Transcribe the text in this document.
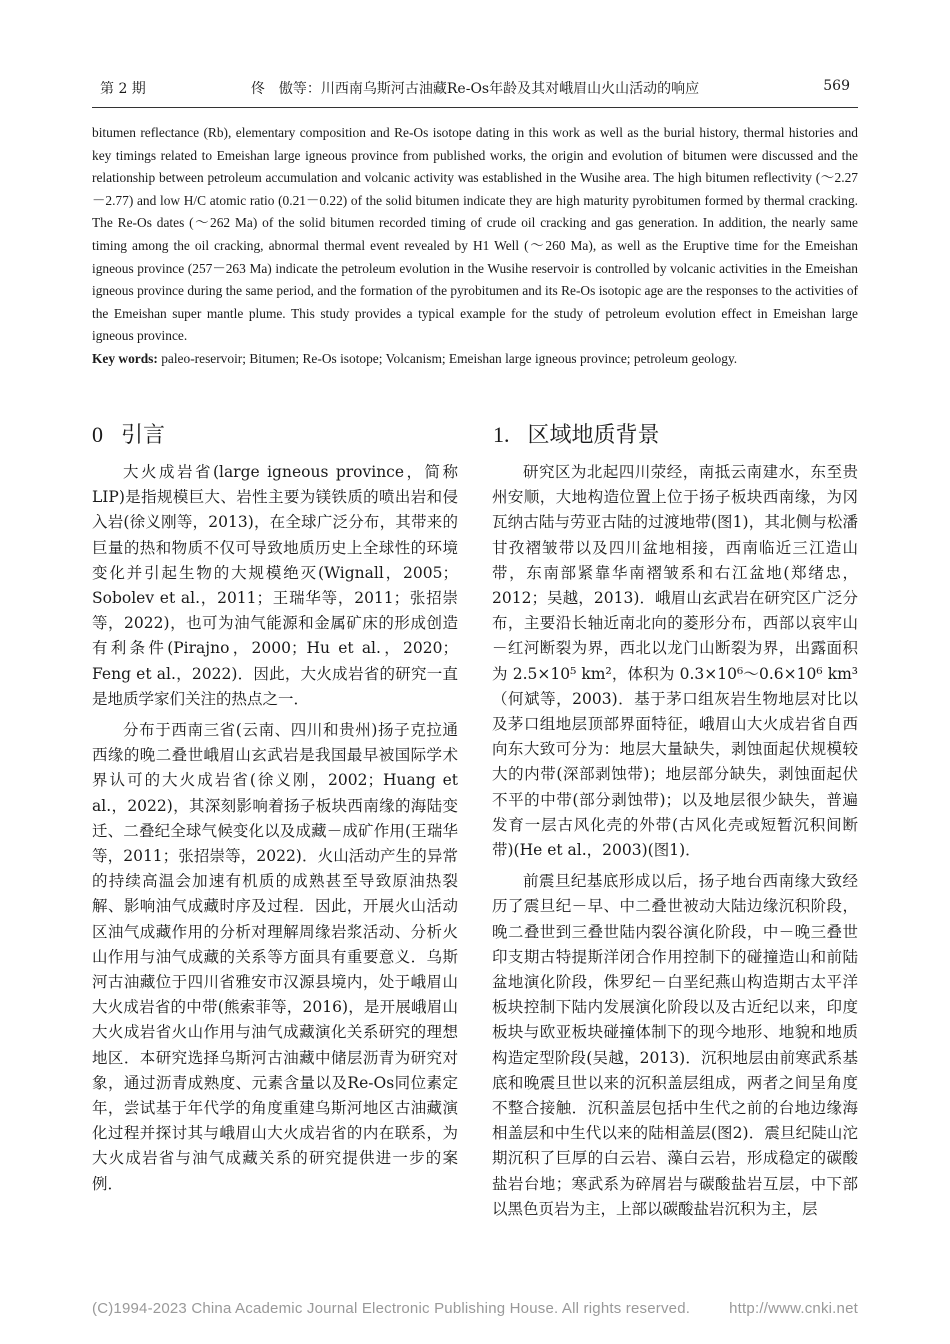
第 2 期	佟　傲等：川西南乌斯河古油藏Re-Os年龄及其对峨眉山火山活动的响应	569
bitumen reflectance (Rb), elementary composition and Re-Os isotope dating in this work as well as the burial history, thermal histories and key timings related to Emeishan large igneous province from published works, the origin and evolution of bitumen were discussed and the relationship between petroleum accumulation and volcanic activity was established in the Wusihe area. The high bitumen reflectivity (～2.27－2.77) and low H/C atomic ratio (0.21－0.22) of the solid bitumen indicate they are high maturity pyrobitumen formed by thermal cracking. The Re-Os dates (～262 Ma) of the solid bitumen recorded timing of crude oil cracking and gas generation. In addition, the nearly same timing among the oil cracking, abnormal thermal event revealed by H1 Well (～260 Ma), as well as the Eruptive time for the Emeishan igneous province (257－263 Ma) indicate the petroleum evolution in the Wusihe reservoir is controlled by volcanic activities in the Emeishan igneous province during the same period, and the formation of the pyrobitumen and its Re-Os isotopic age are the responses to the activities of the Emeishan super mantle plume. This study provides a typical example for the study of petroleum evolution effect in Emeishan large igneous province.
Key words: paleo-reservoir; Bitumen; Re-Os isotope; Volcanism; Emeishan large igneous province; petroleum geology.
0 引言	1. 区域地质背景

大火成岩省(large igneous province，简称 LIP)是指规模巨大、岩性主要为镁铁质的喷出岩和侵入岩(徐义刚等，2013)，在全球广泛分布，其带来的巨量的热和物质不仅可导致地质历史上全球性的环境变化并引起生物的大规模绝灭(Wignall，2005；Sobolev et al.，2011；王瑞华等，2011；张招崇等，2022)，也可为油气能源和金属矿床的形成创造有利条件(Pirajno，2000；Hu et al.，2020；Feng et al.，2022)．因此，大火成岩省的研究一直是地质学家们关注的热点之一．

分布于西南三省(云南、四川和贵州)扬子克拉通西缘的晚二叠世峨眉山玄武岩是我国最早被国际学术界认可的大火成岩省(徐义刚，2002；Huang et al.，2022)，其深刻影响着扬子板块西南缘的海陆变迁、二叠纪全球气候变化以及成藏－成矿作用(王瑞华等，2011；张招崇等，2022)．火山活动产生的异常的持续高温会加速有机质的成熟甚至导致原油热裂解、影响油气成藏时序及过程．因此，开展火山活动区油气成藏作用的分析对理解周缘岩浆活动、分析火山作用与油气成藏的关系等方面具有重要意义．乌斯河古油藏位于四川省雅安市汉源县境内，处于峨眉山大火成岩省的中带(熊索菲等，2016)，是开展峨眉山大火成岩省火山作用与油气成藏演化关系研究的理想地区．本研究选择乌斯河古油藏中储层沥青为研究对象，通过沥青成熟度、元素含量以及Re-Os同位素定年，尝试基于年代学的角度重建乌斯河地区古油藏演化过程并探讨其与峨眉山大火成岩省的内在联系，为大火成岩省与油气成藏关系的研究提供进一步的案例．

研究区为北起四川荥经，南抵云南建水，东至贵州安顺，大地构造位置上位于扬子板块西南缘，为冈瓦纳古陆与劳亚古陆的过渡地带(图1)，其北侧与松潘甘孜褶皱带以及四川盆地相接，西南临近三江造山带，东南部紧靠华南褶皱系和右江盆地(郑绪忠，2012；吴越，2013)．峨眉山玄武岩在研究区广泛分布，主要沿长轴近南北向的菱形分布，西部以哀牢山－红河断裂为界，西北以龙门山断裂为界，出露面积为 2.5×10⁵ km²，体积为 0.3×10⁶～0.6×10⁶ km³（何斌等，2003)．基于茅口组灰岩生物地层对比以及茅口组地层顶部界面特征，峨眉山大火成岩省自西向东大致可分为：地层大量缺失，剥蚀面起伏规模较大的内带(深部剥蚀带)；地层部分缺失，剥蚀面起伏不平的中带(部分剥蚀带)；以及地层很少缺失，普遍发育一层古风化壳的外带(古风化壳或短暂沉积间断带)(He et al.，2003)(图1)．

前震旦纪基底形成以后，扬子地台西南缘大致经历了震旦纪－早、中二叠世被动大陆边缘沉积阶段，晚二叠世到三叠世陆内裂谷演化阶段，中－晚三叠世印支期古特提斯洋闭合作用控制下的碰撞造山和前陆盆地演化阶段，侏罗纪－白垩纪燕山构造期古太平洋板块控制下陆内发展演化阶段以及古近纪以来，印度板块与欧亚板块碰撞体制下的现今地形、地貌和地质构造定型阶段(吴越，2013)．沉积地层由前寒武系基底和晚震旦世以来的沉积盖层组成，两者之间呈角度不整合接触．沉积盖层包括中生代之前的台地边缘海相盖层和中生代以来的陆相盖层(图2)．震旦纪陡山沱期沉积了巨厚的白云岩、藻白云岩，形成稳定的碳酸盐岩台地；寒武系为碎屑岩与碳酸盐岩互层，中下部以黑色页岩为主，上部以碳酸盐岩沉积为主，层

(C)1994-2023 China Academic Journal Electronic Publishing House. All rights reserved.	http://www.cnki.net
